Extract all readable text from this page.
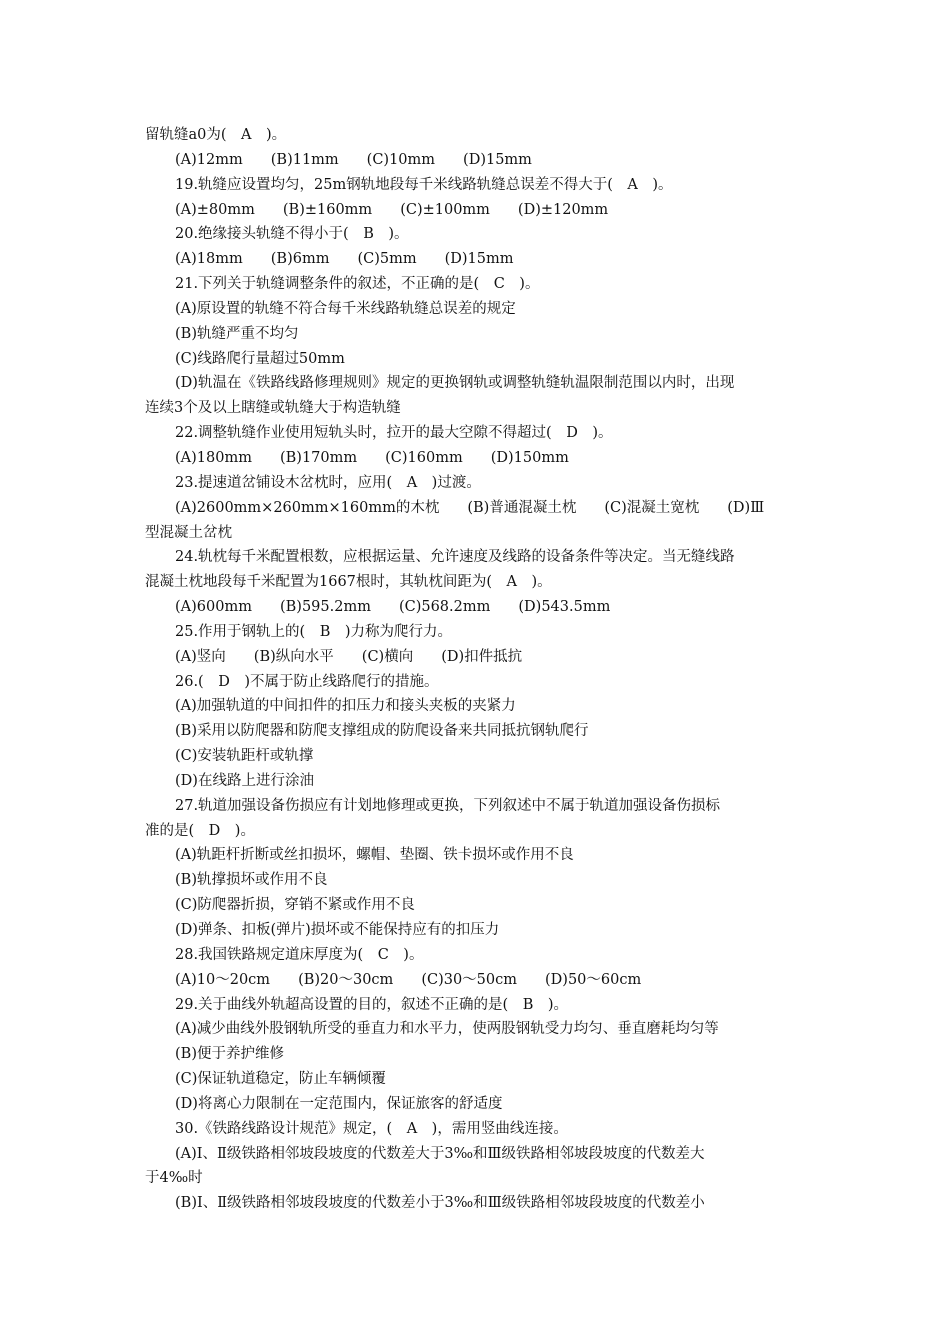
留轨缝a0为(　A　)。
(A)12mm (B)11mm (C)10mm (D)15mm
19.轨缝应设置均匀，25m钢轨地段每千米线路轨缝总误差不得大于(　A　)。
(A)±80mm (B)±160mm (C)±100mm (D)±120mm
20.绝缘接头轨缝不得小于(　B　)。
(A)18mm (B)6mm (C)5mm (D)15mm
21.下列关于轨缝调整条件的叙述，不正确的是(　C　)。
(A)原设置的轨缝不符合每千米线路轨缝总误差的规定
(B)轨缝严重不均匀
(C)线路爬行量超过50mm
(D)轨温在《铁路线路修理规则》规定的更换钢轨或调整轨缝轨温限制范围以内时，出现
连续3个及以上瞎缝或轨缝大于构造轨缝
22.调整轨缝作业使用短轨头时，拉开的最大空隙不得超过(　D　)。
(A)180mm (B)170mm (C)160mm (D)150mm
23.提速道岔铺设木岔枕时，应用(　A　)过渡。
(A)2600mm×260mm×160mm的木枕 (B)普通混凝土枕 (C)混凝土宽枕 (D)Ⅲ
型混凝土岔枕
24.轨枕每千米配置根数，应根据运量、允许速度及线路的设备条件等决定。当无缝线路
混凝土枕地段每千米配置为1667根时，其轨枕间距为(　A　)。
(A)600mm (B)595.2mm (C)568.2mm (D)543.5mm
25.作用于钢轨上的(　B　)力称为爬行力。
(A)竖向 (B)纵向水平 (C)横向 (D)扣件抵抗
26.(　D　)不属于防止线路爬行的措施。
(A)加强轨道的中间扣件的扣压力和接头夹板的夹紧力
(B)采用以防爬器和防爬支撑组成的防爬设备来共同抵抗钢轨爬行
(C)安装轨距杆或轨撑
(D)在线路上进行涂油
27.轨道加强设备伤损应有计划地修理或更换，下列叙述中不属于轨道加强设备伤损标
准的是(　D　)。
(A)轨距杆折断或丝扣损坏，螺帽、垫圈、铁卡损坏或作用不良
(B)轨撑损坏或作用不良
(C)防爬器折损，穿销不紧或作用不良
(D)弹条、扣板(弹片)损坏或不能保持应有的扣压力
28.我国铁路规定道床厚度为(　C　)。
(A)10～20cm (B)20～30cm (C)30～50cm (D)50～60cm
29.关于曲线外轨超高设置的目的，叙述不正确的是(　B　)。
(A)减少曲线外股钢轨所受的垂直力和水平力，使两股钢轨受力均匀、垂直磨耗均匀等
(B)便于养护维修
(C)保证轨道稳定，防止车辆倾覆
(D)将离心力限制在一定范围内，保证旅客的舒适度
30.《铁路线路设计规范》规定，(　A　)，需用竖曲线连接。
(A)Ⅰ、Ⅱ级铁路相邻坡段坡度的代数差大于3‰和Ⅲ级铁路相邻坡段坡度的代数差大
于4‰时
(B)Ⅰ、Ⅱ级铁路相邻坡段坡度的代数差小于3‰和Ⅲ级铁路相邻坡段坡度的代数差小
